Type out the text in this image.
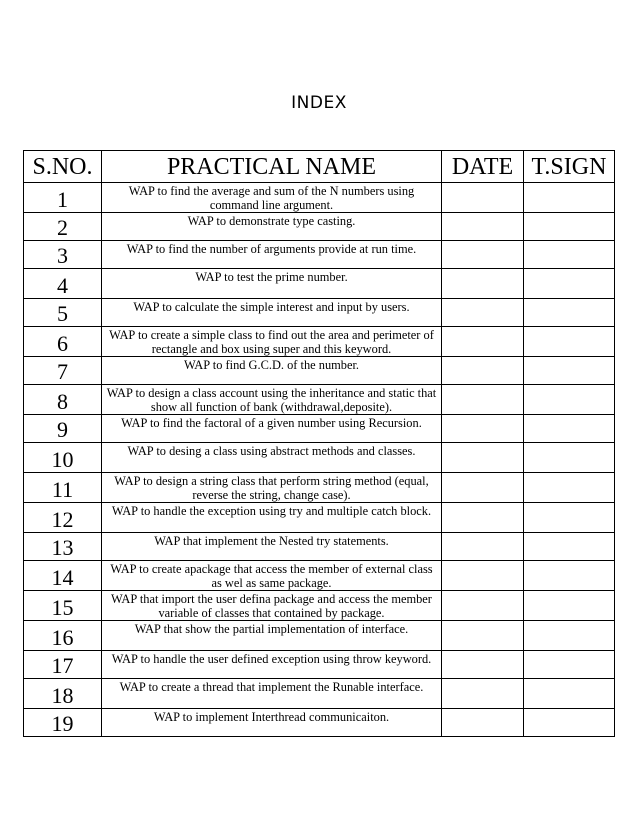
INDEX
S.NO.	PRACTICAL NAME	DATE	T.SIGN
1	WAP to find the average and sum of the N numbers using command line argument.		
2	WAP to demonstrate type casting.		
3	WAP to find the number of arguments provide at run time.		
4	WAP to test the prime number.		
5	WAP to calculate the simple interest and input by users.		
6	WAP to create a simple class to find out the area and perimeter of rectangle and box using super and this keyword.		
7	WAP to find G.C.D. of the number.		
8	WAP to design a class account using the inheritance and static that show all function of bank (withdrawal,deposite).		
9	WAP to find the factoral of a given number using Recursion.		
10	WAP to desing a class using abstract methods and classes.		
11	WAP to design a string class that perform string method (equal, reverse the string, change case).		
12	WAP to handle the exception using try and multiple catch block.		
13	WAP that implement the Nested try statements.		
14	WAP to create apackage that access the member of external class as wel as same package.		
15	WAP that import the user defina package and access the member variable of classes that contained by package.		
16	WAP that show the partial implementation of interface.		
17	WAP to handle the user defined exception using throw keyword.		
18	WAP to create a thread that implement the Runable interface.		
19	WAP to implement Interthread communicaiton.		
